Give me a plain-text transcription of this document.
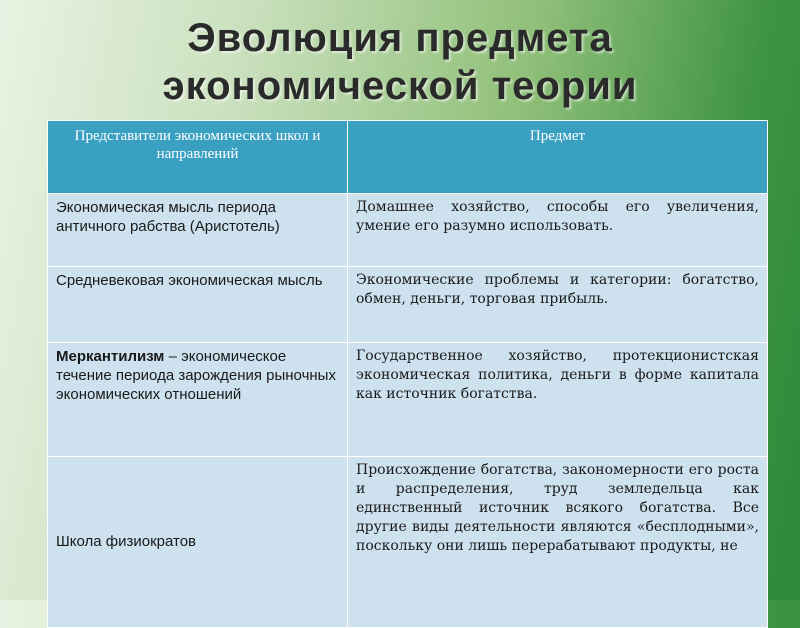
Эволюция предмета
экономической теории
Представители экономических школ и направлений	Предмет
Экономическая мысль периода античного рабства (Аристотель)	Домашнее хозяйство, способы его увеличения, умение его разумно использовать.
Средневековая экономическая мысль	Экономические проблемы и категории: богатство, обмен, деньги, торговая прибыль.
Меркантилизм – экономическое течение периода зарождения рыночных экономических отношений	Государственное хозяйство, протекционистская экономическая политика, деньги в форме капитала как источник богатства.
Школа физиократов	Происхождение богатства, закономерности его роста и распределения, труд земледельца как единственный источник всякого богатства. Все другие виды деятельности являются «бесплодными», поскольку они лишь перерабатывают продукты, не
